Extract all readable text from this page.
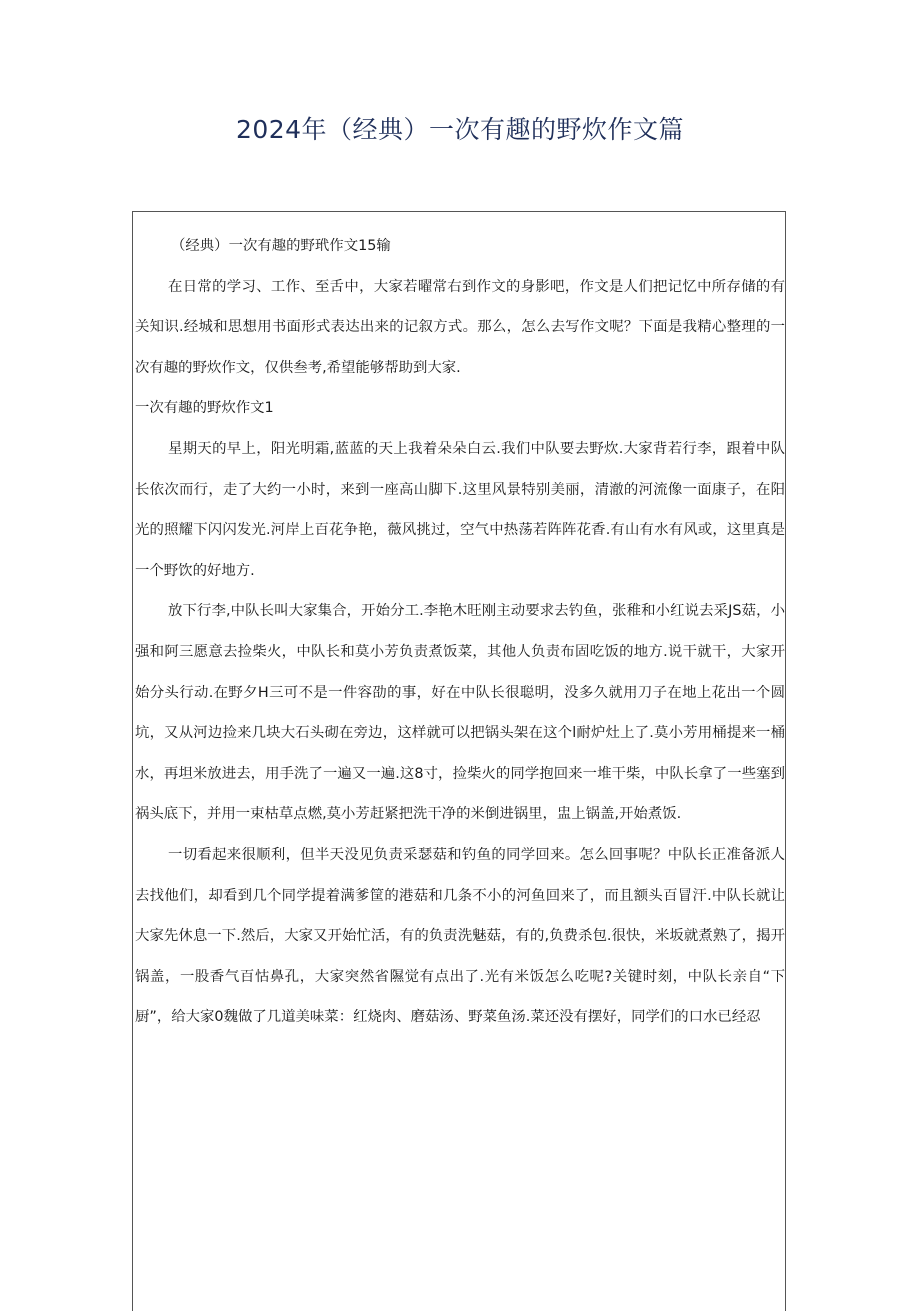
2024年（经典）一次有趣的野炊作文篇

（经典）一次有趣的野玳作文15输

在日常的学习、工作、至舌中，大家若曜常右到作文的身影吧，作文是人们把记忆中所存储的有关知识.经城和思想用书面形式表达出来的记叙方式。那么，怎么去写作文呢？下面是我精心整理的一次有趣的野炊作文，仅供叁考,希望能够帮助到大家.

一次有趣的野炊作文1

星期天的早上，阳光明霜,蓝蓝的天上我着朵朵白云.我们中队要去野炊.大家背若行李，跟着中队长依次而行，走了大约一小时，来到一座高山脚下.这里风景特别美丽，清澈的河流像一面康子，在阳光的照耀下闪闪发光.河岸上百花争艳，薇风挑过，空气中热荡若阵阵花香.有山有水有风或，这里真是一个野饮的好地方.

放下行李,中队长叫大家集合，开始分工.李艳木旺刚主动要求去钓鱼，张稚和小红说去采JS菇，小强和阿三愿意去捡柴火，中队长和莫小芳负责煮饭菜，其他人负责布固吃饭的地方.说干就干，大家开始分头行动.在野夕H三可不是一件容劭的事，好在中队长很聪明，没多久就用刀子在地上花出一个圆坑，又从河边捡来几块大石头砌在旁边，这样就可以把锅头架在这个l耐炉灶上了.莫小芳用桶提来一桶水，再坦米放进去，用手洗了一遍又一遍.这8寸，捡柴火的同学抱回来一堆干柴，中队长拿了一些塞到祸头底下，并用一束枯草点燃,莫小芳赶紧把洗干净的米倒进锅里，盅上锅盖,开始煮饭.

一切看起来很顺利，但半天没见负责采瑟菇和钓鱼的同学回来。怎么回事呢？中队长正准备派人去找他们，却看到几个同学提着满爹筐的港菇和几条不小的河鱼回来了，而且额头百冒汗.中队长就让大家先休息一下.然后，大家又开始忙活，有的负责洗魅菇，有的,负费杀包.很快，米坂就煮熟了，揭开锅盖，一股香气百怙鼻孔，大家突然省隰觉有点出了.光有米饭怎么吃呢?关键时刻，中队长亲自“下厨”，给大家0魏做了几道美味菜：红烧肉、磨菇汤、野菜鱼汤.菜还没有摆好，同学们的口水已经忍
